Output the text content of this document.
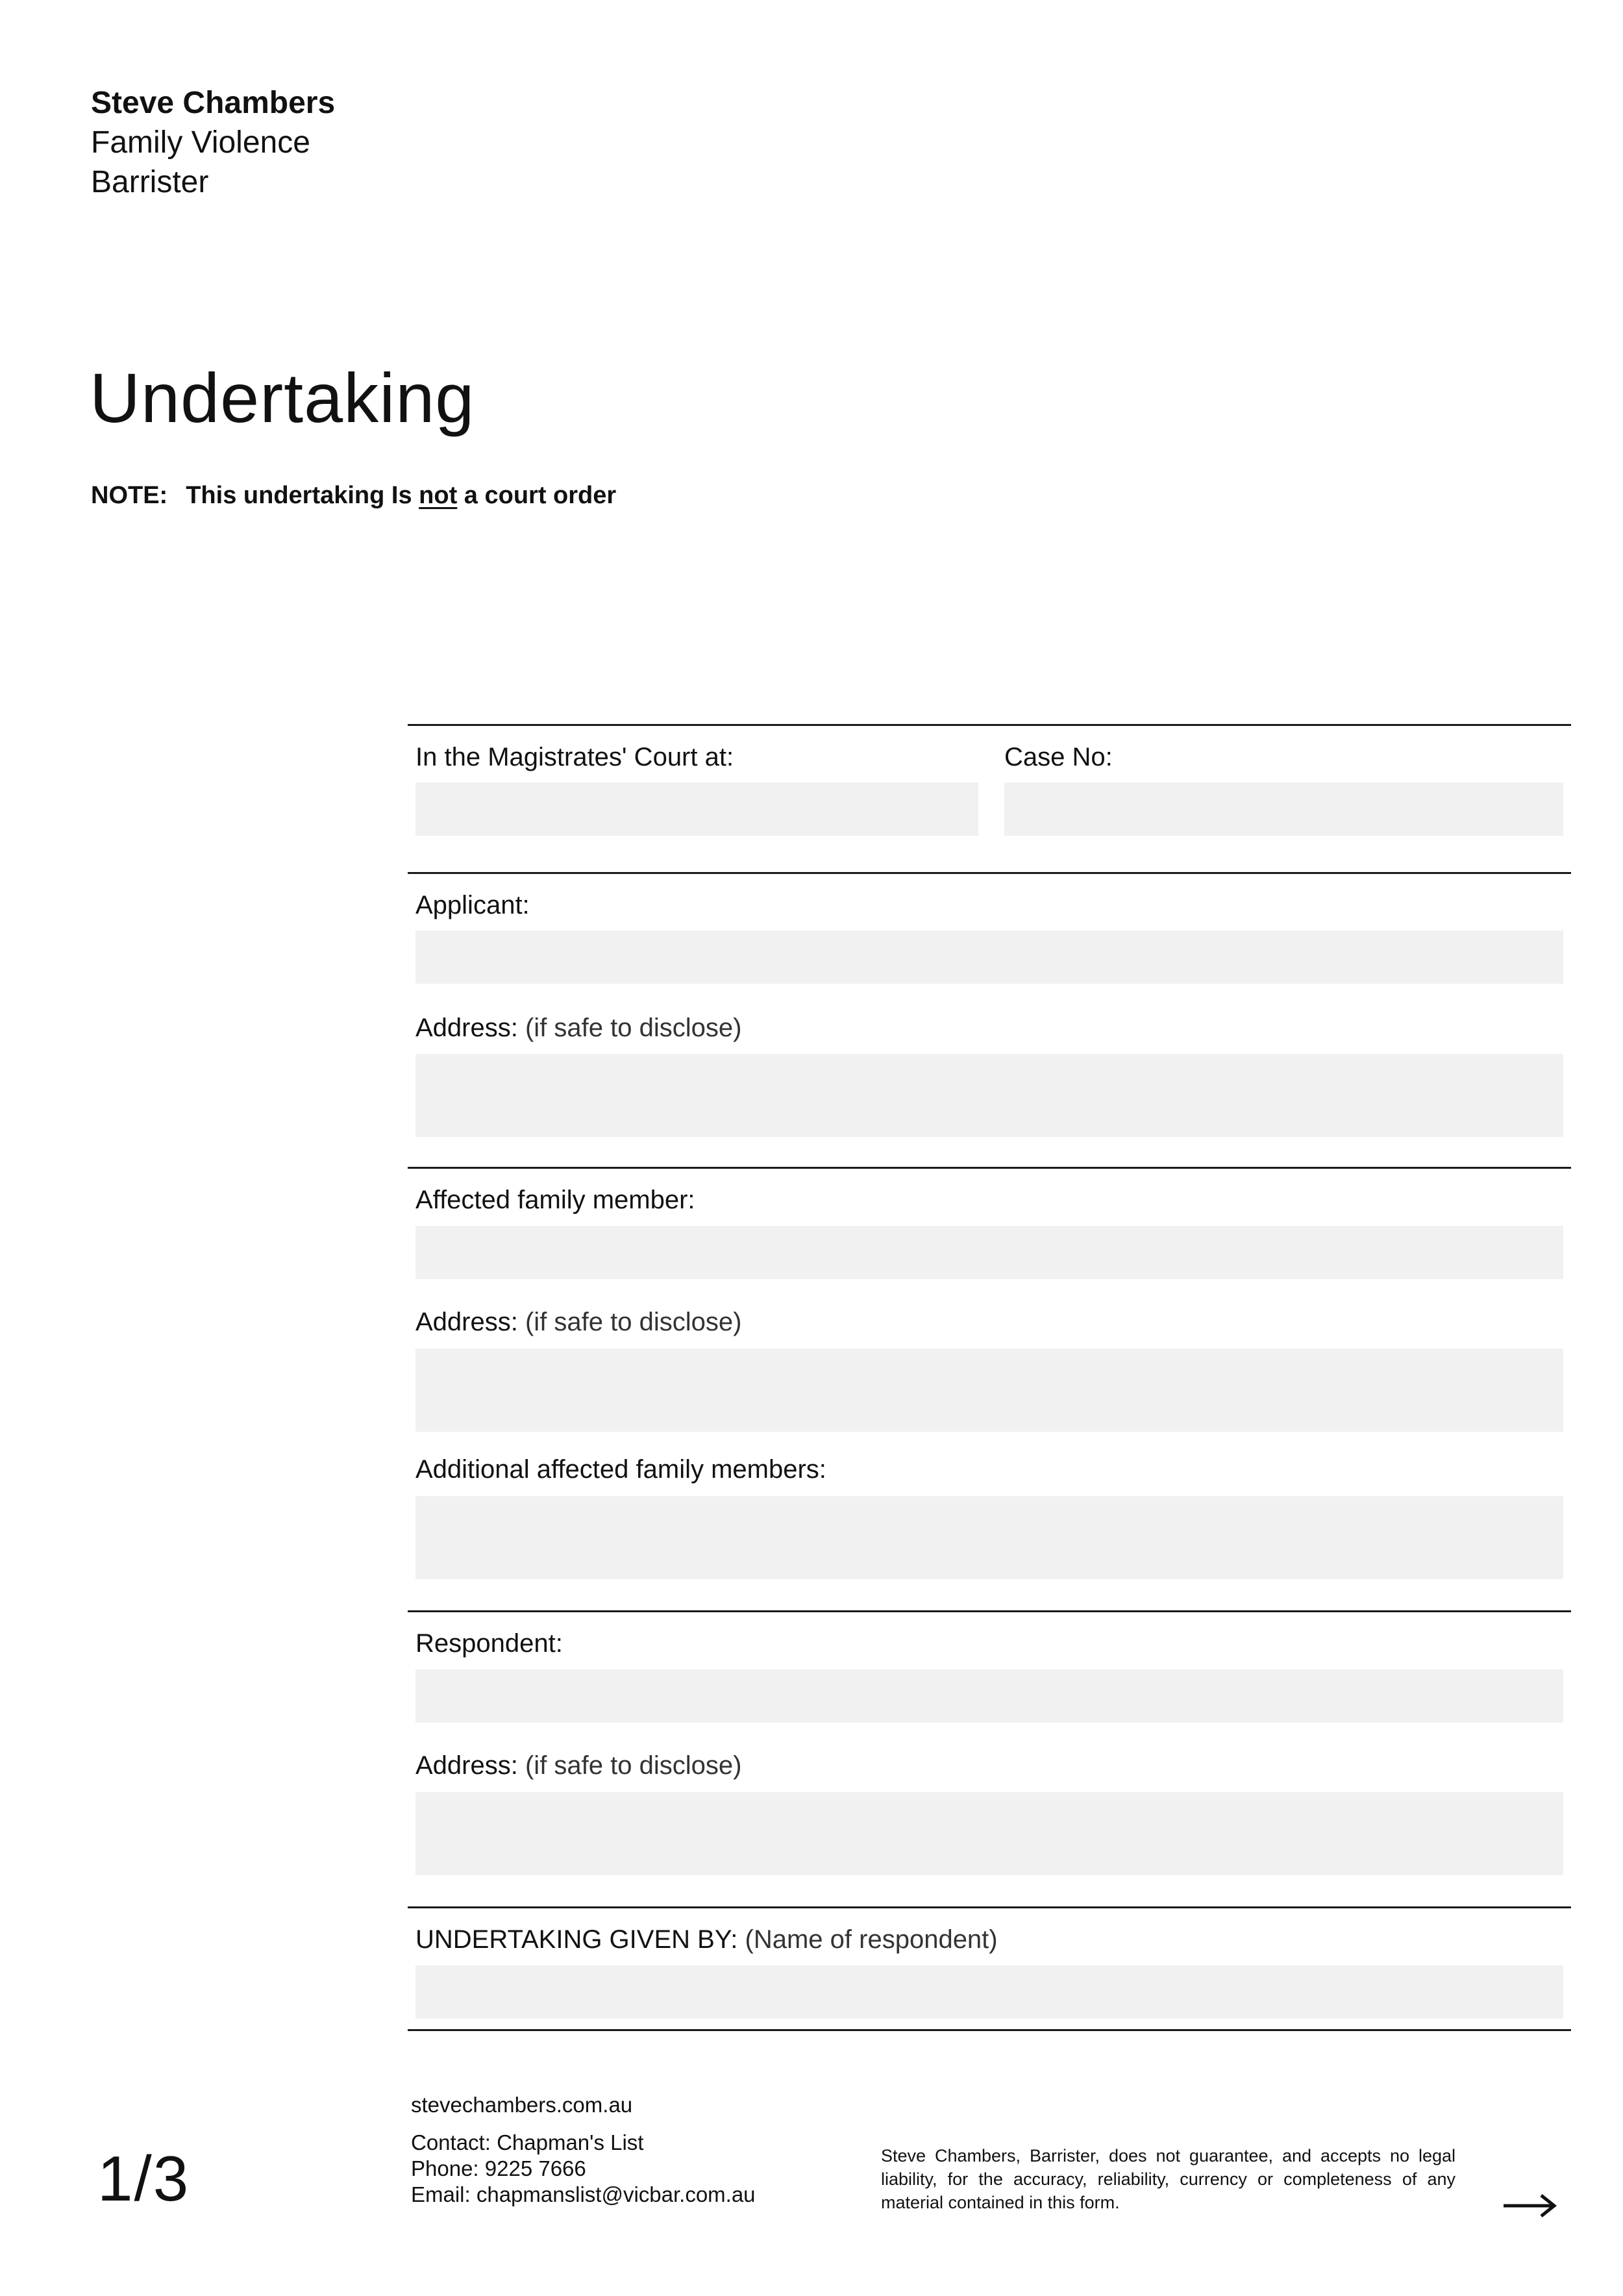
Steve Chambers
Family Violence
Barrister
Undertaking
NOTE: This undertaking Is not a court order
In the Magistrates' Court at:	Case No:
Applicant:
Address: (if safe to disclose)
Affected family member:
Address: (if safe to disclose)
Additional affected family members:
Respondent:
Address: (if safe to disclose)
UNDERTAKING GIVEN BY: (Name of respondent)
1/3
stevechambers.com.au
Contact: Chapman's List
Phone: 9225 7666
Email: chapmanslist@vicbar.com.au
Steve Chambers, Barrister, does not guarantee, and accepts no legal liability, for the accuracy, reliability, currency or completeness of any material contained in this form.
